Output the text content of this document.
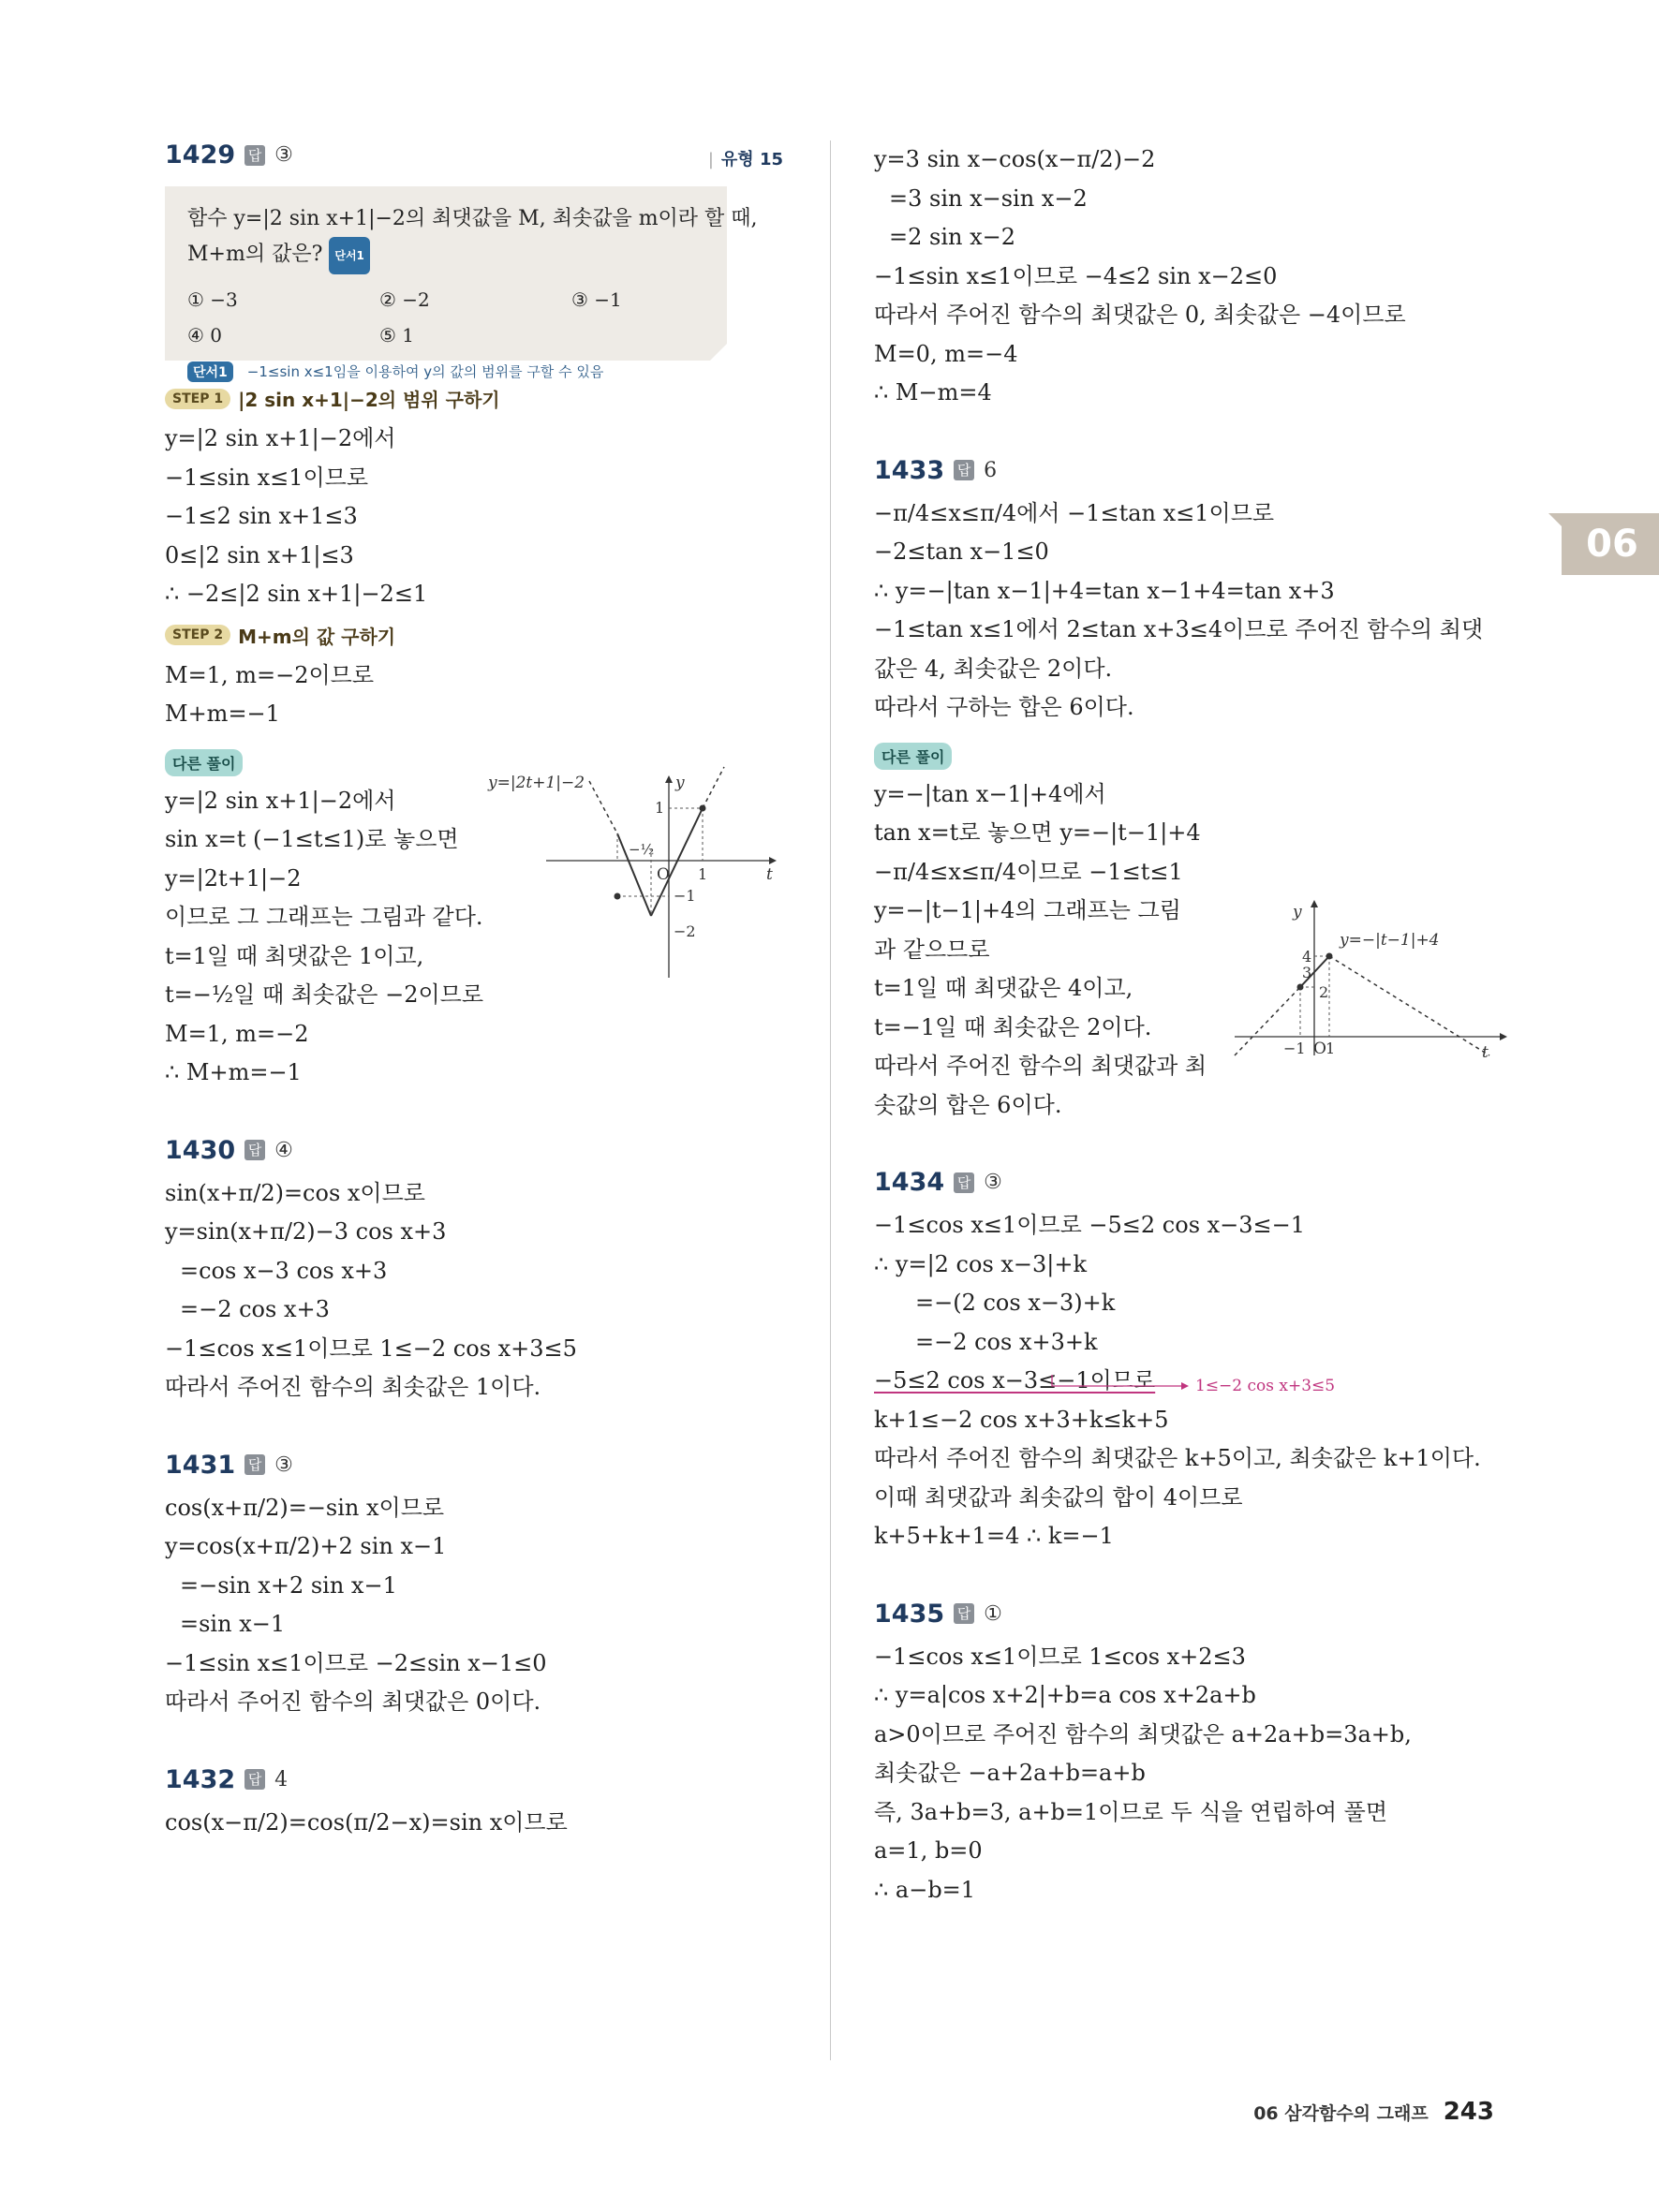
06
1429 답 ③
|	유형 15
함수 y=|2 sin x+1|−2의 최댓값을 M, 최솟값을 m이라 할 때,
M+m의 값은? 단서1
① −3	② −2	③ −1
④ 0	⑤ 1
단서1 −1≤sin x≤1임을 이용하여 y의 값의 범위를 구할 수 있음
STEP 1 |2 sin x+1|−2의 범위 구하기
y=|2 sin x+1|−2에서
−1≤sin x≤1이므로
−1≤2 sin x+1≤3
0≤|2 sin x+1|≤3
∴ −2≤|2 sin x+1|−2≤1
STEP 2 M+m의 값 구하기
M=1, m=−2이므로
M+m=−1
다른 풀이
y=|2 sin x+1|−2에서
sin x=t (−1≤t≤1)로 놓으면
y=|2t+1|−2
이므로 그 그래프는 그림과 같다.
t=1일 때 최댓값은 1이고,
t=−½일 때 최솟값은 −2이므로
M=1, m=−2
∴ M+m=−1
y=|2t+1|−2	y
t
O
1
−1
−2
−½
1
1430 답 ④
sin(x+π/2)=cos x이므로
y=sin(x+π/2)−3 cos x+3
=cos x−3 cos x+3
=−2 cos x+3
−1≤cos x≤1이므로 1≤−2 cos x+3≤5
따라서 주어진 함수의 최솟값은 1이다.
1431 답 ③
cos(x+π/2)=−sin x이므로
y=cos(x+π/2)+2 sin x−1
=−sin x+2 sin x−1
=sin x−1
−1≤sin x≤1이므로 −2≤sin x−1≤0
따라서 주어진 함수의 최댓값은 0이다.
1432 답 4
cos(x−π/2)=cos(π/2−x)=sin x이므로
y=3 sin x−cos(x−π/2)−2
=3 sin x−sin x−2
=2 sin x−2
−1≤sin x≤1이므로 −4≤2 sin x−2≤0
따라서 주어진 함수의 최댓값은 0, 최솟값은 −4이므로
M=0, m=−4
∴ M−m=4
1433 답 6
−π/4≤x≤π/4에서 −1≤tan x≤1이므로
−2≤tan x−1≤0
∴ y=−|tan x−1|+4=tan x−1+4=tan x+3
−1≤tan x≤1에서 2≤tan x+3≤4이므로 주어진 함수의 최댓
값은 4, 최솟값은 2이다.
따라서 구하는 합은 6이다.
다른 풀이
y=−|tan x−1|+4에서
tan x=t로 놓으면 y=−|t−1|+4
−π/4≤x≤π/4이므로 −1≤t≤1
y=−|t−1|+4의 그래프는 그림
과 같으므로
t=1일 때 최댓값은 4이고,
t=−1일 때 최솟값은 2이다.
따라서 주어진 함수의 최댓값과 최
솟값의 합은 6이다.
y=−|t−1|+4
y
t
O
4
3
2
−1 1
1434 답 ③
−1≤cos x≤1이므로 −5≤2 cos x−3≤−1
∴ y=|2 cos x−3|+k
=−(2 cos x−3)+k
=−2 cos x+3+k
−5≤2 cos x−3≤−1이므로
k+1≤−2 cos x+3+k≤k+5
따라서 주어진 함수의 최댓값은 k+5이고, 최솟값은 k+1이다.
이때 최댓값과 최솟값의 합이 4이므로
k+5+k+1=4 ∴ k=−1
1≤−2 cos x+3≤5
1435 답 ①
−1≤cos x≤1이므로 1≤cos x+2≤3
∴ y=a|cos x+2|+b=a cos x+2a+b
a>0이므로 주어진 함수의 최댓값은 a+2a+b=3a+b,
최솟값은 −a+2a+b=a+b
즉, 3a+b=3, a+b=1이므로 두 식을 연립하여 풀면
a=1, b=0
∴ a−b=1
06 삼각함수의 그래프 243
